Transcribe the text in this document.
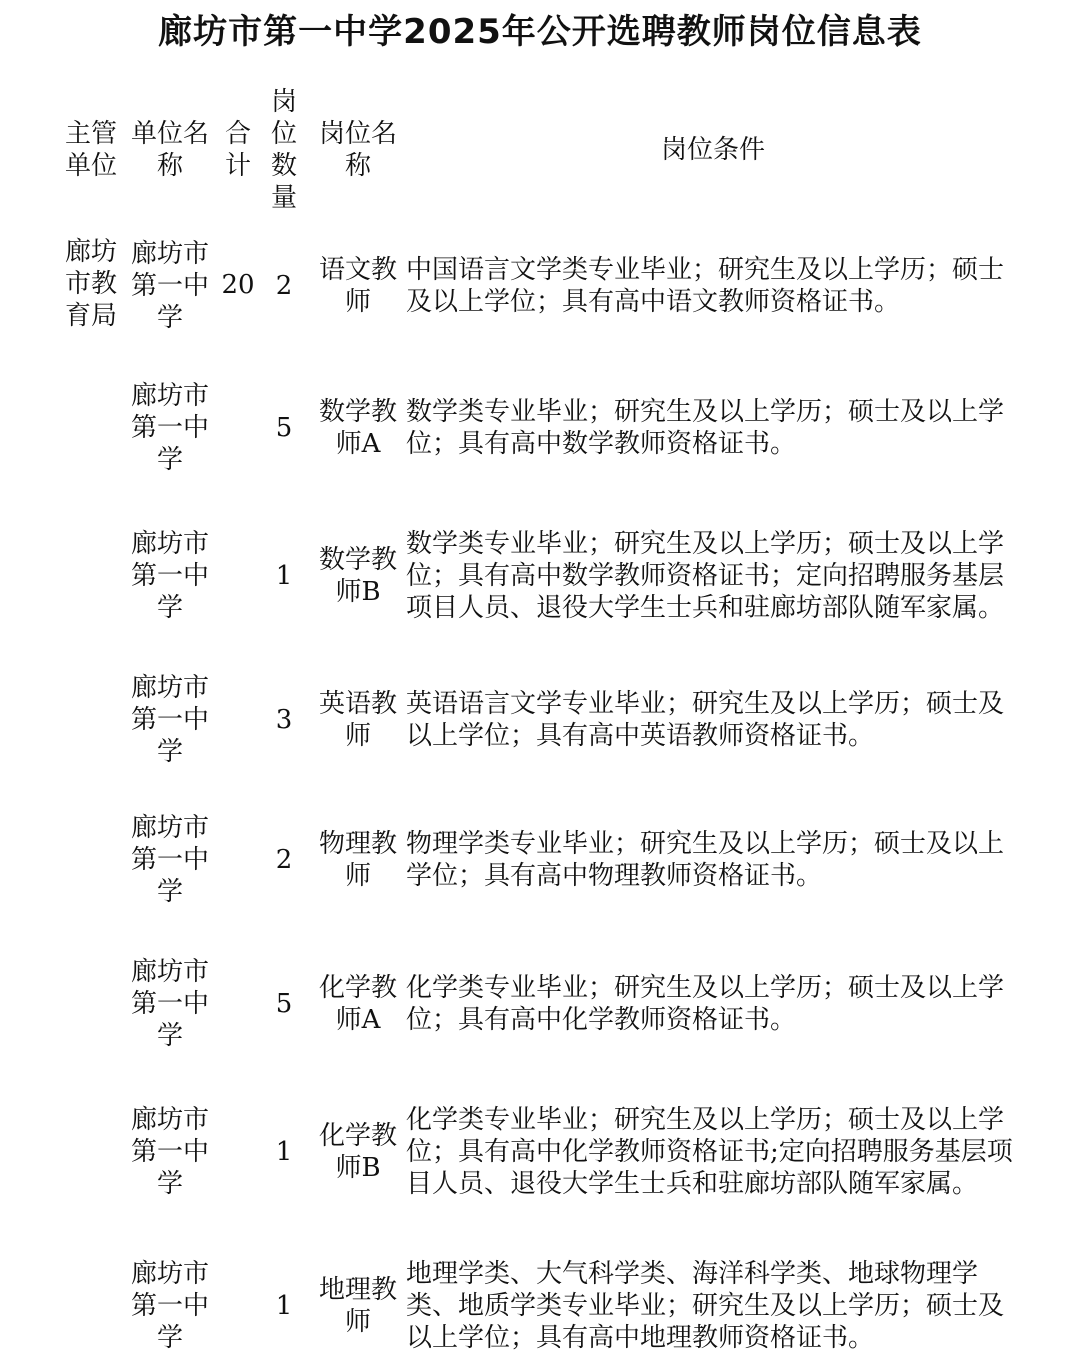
廊坊市第一中学2025年公开选聘教师岗位信息表
主管单位
单位名称
合计
岗位数量
岗位名称
岗位条件
廊坊市教育局
20
廊坊市第一中学
2
语文教师
中国语言文学类专业毕业；研究生及以上学历；硕士及以上学位；具有高中语文教师资格证书。
廊坊市第一中学
5
数学教师A
数学类专业毕业；研究生及以上学历；硕士及以上学位；具有高中数学教师资格证书。
廊坊市第一中学
1
数学教师B
数学类专业毕业；研究生及以上学历；硕士及以上学位；具有高中数学教师资格证书；定向招聘服务基层项目人员、退役大学生士兵和驻廊坊部队随军家属。
廊坊市第一中学
3
英语教师
英语语言文学专业毕业；研究生及以上学历；硕士及以上学位；具有高中英语教师资格证书。
廊坊市第一中学
2
物理教师
物理学类专业毕业；研究生及以上学历；硕士及以上学位；具有高中物理教师资格证书。
廊坊市第一中学
5
化学教师A
化学类专业毕业；研究生及以上学历；硕士及以上学位；具有高中化学教师资格证书。
廊坊市第一中学
1
化学教师B
化学类专业毕业；研究生及以上学历；硕士及以上学位；具有高中化学教师资格证书;定向招聘服务基层项目人员、退役大学生士兵和驻廊坊部队随军家属。
廊坊市第一中学
1
地理教师
地理学类、大气科学类、海洋科学类、地球物理学类、地质学类专业毕业；研究生及以上学历；硕士及以上学位；具有高中地理教师资格证书。
